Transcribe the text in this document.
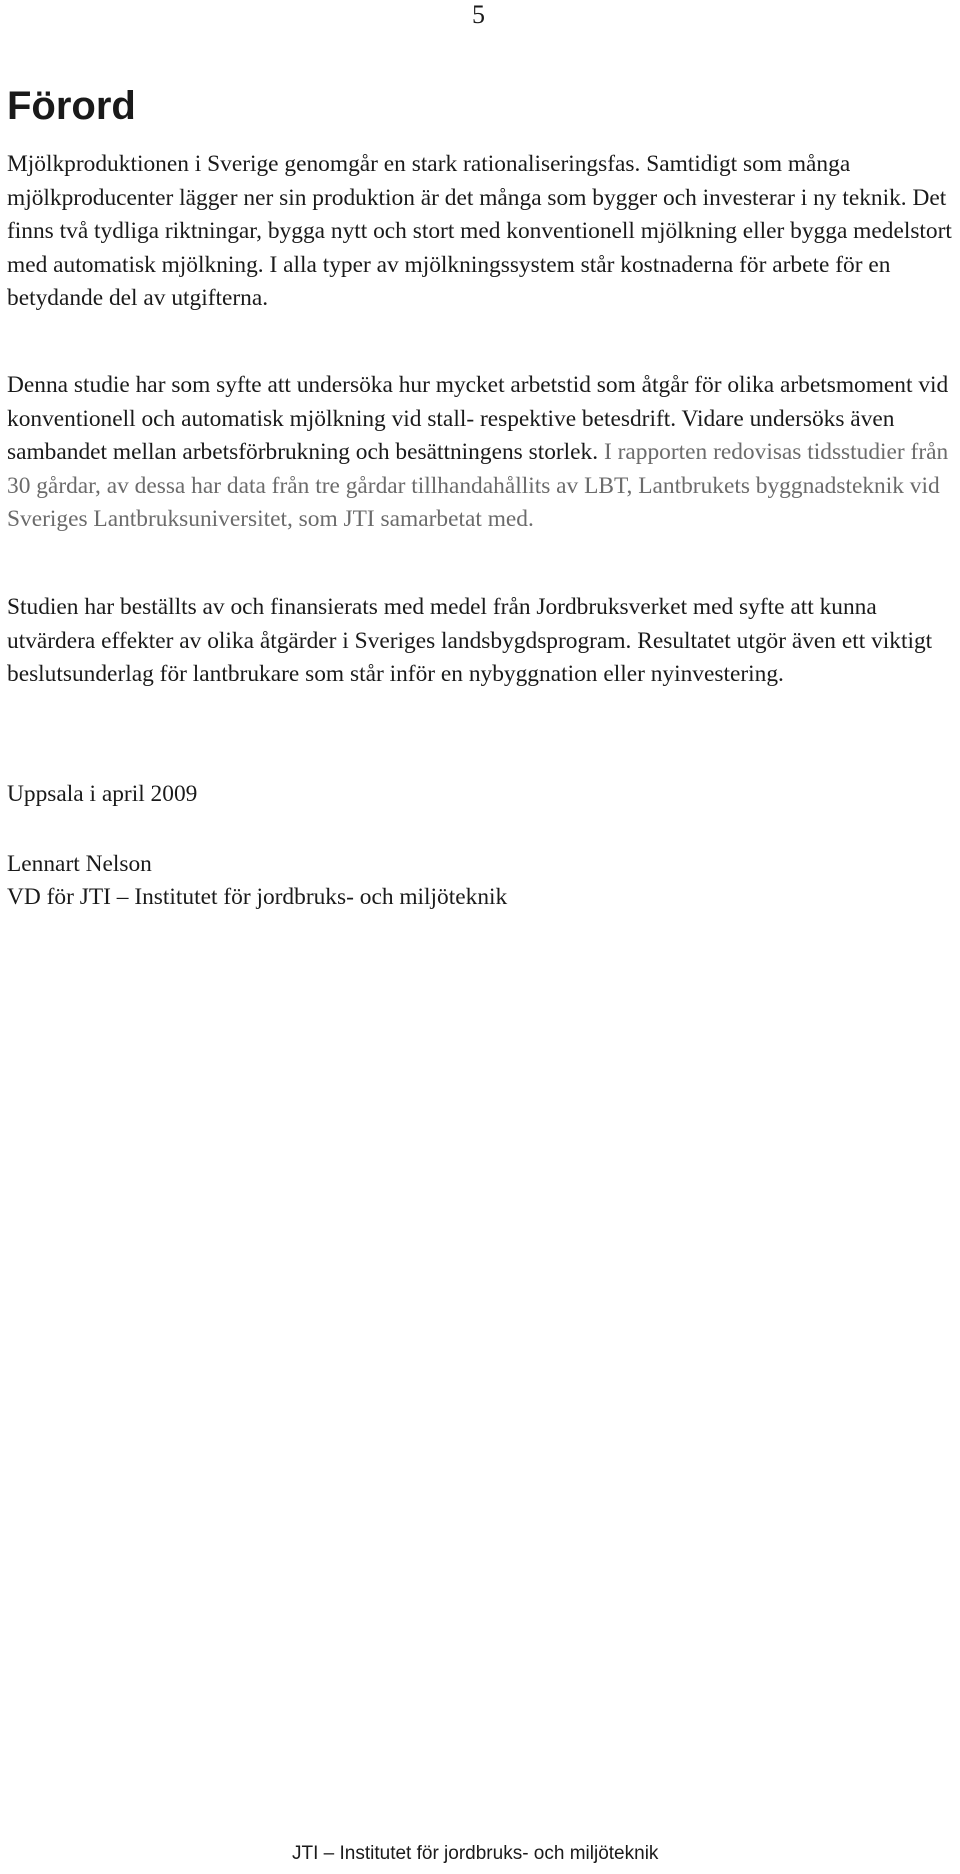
5
Förord

Mjölkproduktionen i Sverige genomgår en stark rationaliseringsfas. Samtidigt som många mjölkproducenter lägger ner sin produktion är det många som bygger och investerar i ny teknik. Det finns två tydliga riktningar, bygga nytt och stort med konventionell mjölkning eller bygga medelstort med automatisk mjölkning. I alla typer av mjölkningssystem står kostnaderna för arbete för en betydande del av utgifterna.

Denna studie har som syfte att undersöka hur mycket arbetstid som åtgår för olika arbetsmoment vid konventionell och automatisk mjölkning vid stall- respektive betesdrift. Vidare undersöks även sambandet mellan arbetsförbrukning och besättningens storlek. I rapporten redovisas tidsstudier från 30 gårdar, av dessa har data från tre gårdar tillhandahållits av LBT, Lantbrukets byggnadsteknik vid Sveriges Lantbruksuniversitet, som JTI samarbetat med.

Studien har beställts av och finansierats med medel från Jordbruksverket med syfte att kunna utvärdera effekter av olika åtgärder i Sveriges landsbygdsprogram. Resultatet utgör även ett viktigt beslutsunderlag för lantbrukare som står inför en nybyggnation eller nyinvestering.

Uppsala i april 2009

Lennart Nelson

VD för JTI – Institutet för jordbruks- och miljöteknik

JTI – Institutet för jordbruks- och miljöteknik
